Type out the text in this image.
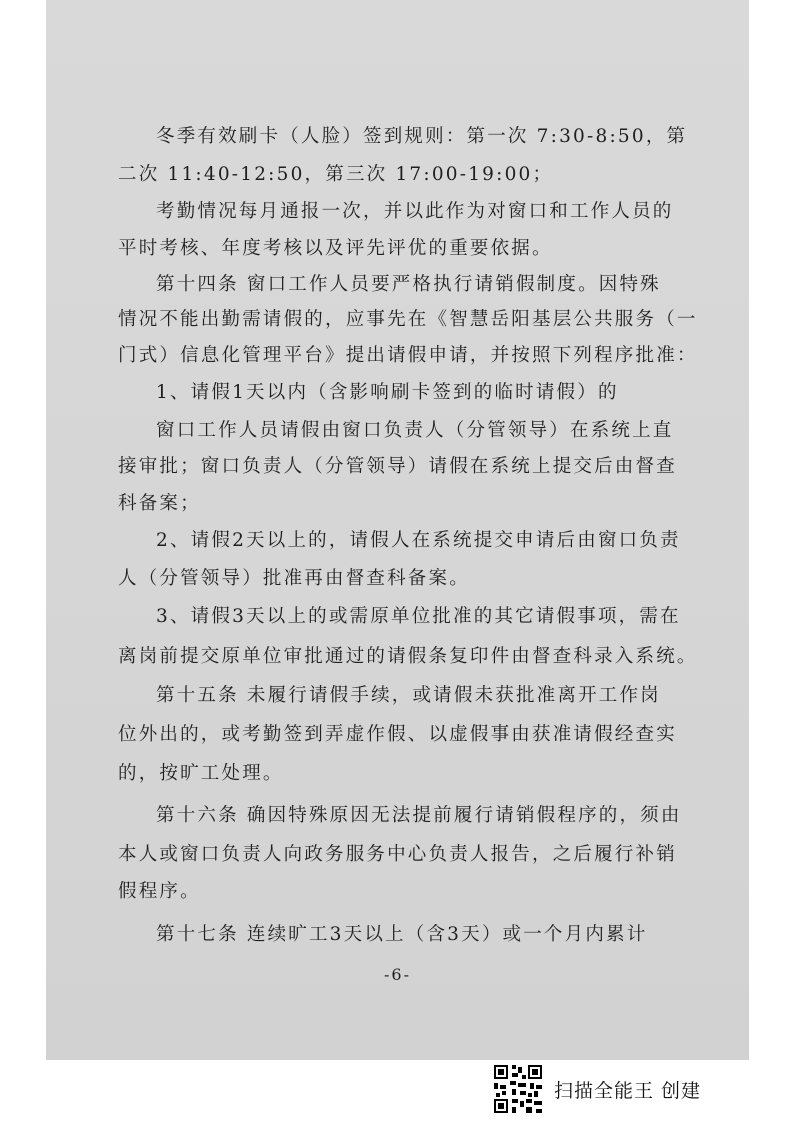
冬季有效刷卡（人脸）签到规则：第一次 7:30-8:50，第
二次 11:40-12:50，第三次 17:00-19:00；
考勤情况每月通报一次，并以此作为对窗口和工作人员的
平时考核、年度考核以及评先评优的重要依据。
第十四条 窗口工作人员要严格执行请销假制度。因特殊
情况不能出勤需请假的，应事先在《智慧岳阳基层公共服务（一
门式）信息化管理平台》提出请假申请，并按照下列程序批准：
1、请假1天以内（含影响刷卡签到的临时请假）的
窗口工作人员请假由窗口负责人（分管领导）在系统上直
接审批；窗口负责人（分管领导）请假在系统上提交后由督查
科备案；
2、请假2天以上的，请假人在系统提交申请后由窗口负责
人（分管领导）批准再由督查科备案。
3、请假3天以上的或需原单位批准的其它请假事项，需在
离岗前提交原单位审批通过的请假条复印件由督查科录入系统。
第十五条 未履行请假手续，或请假未获批准离开工作岗
位外出的，或考勤签到弄虚作假、以虚假事由获准请假经查实
的，按旷工处理。
第十六条 确因特殊原因无法提前履行请销假程序的，须由
本人或窗口负责人向政务服务中心负责人报告，之后履行补销
假程序。
第十七条 连续旷工3天以上（含3天）或一个月内累计
-6-
扫描全能王 创建
